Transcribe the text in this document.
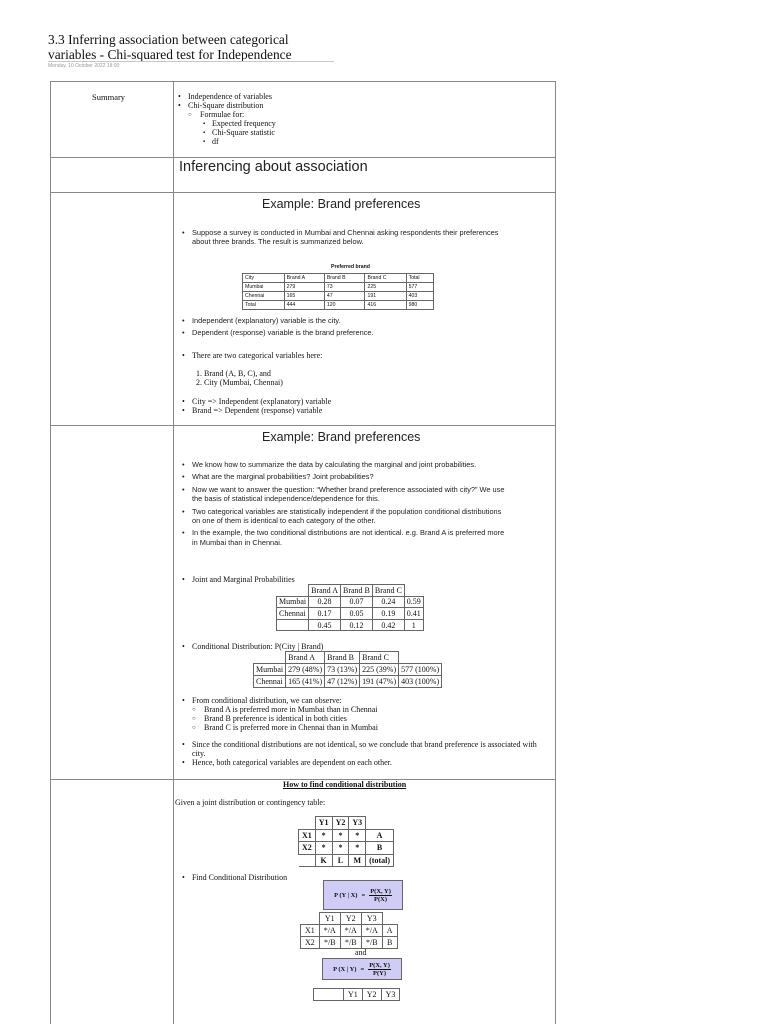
3.3 Inferring association between categorical variables - Chi-squared test for Independence
Monday, 10 October 2022 18:00
Summary	• Independence of variables
• Chi-Square distribution
○ Formulae for:
▪ Expected frequency
▪ Chi-Square statistic
▪ df
Inferencing about association
Example: Brand preferences
• Suppose a survey is conducted in Mumbai and Chennai asking respondents their preferences about three brands. The result is summarized below.
Preferred brand
City	Brand A	Brand B	Brand C	Total
Mumbai	279	73	225	577
Chennai	165	47	191	403
Total	444	120	416	980
• Independent (explanatory) variable is the city.
• Dependent (response) variable is the brand preference.
• There are two categorical variables here:
1. Brand (A, B, C), and
2. City (Mumbai, Chennai)
• City => Independent (explanatory) variable
• Brand => Dependent (response) variable
Example: Brand preferences
• We know how to summarize the data by calculating the marginal and joint probabilities.
• What are the marginal probabilities? Joint probabilities?
• Now we want to answer the question: “Whether brand preference associated with city?” We use the basis of statistical independence/dependence for this.
• Two categorical variables are statistically independent if the population conditional distributions on one of them is identical to each category of the other.
• In the example, the two conditional distributions are not identical. e.g. Brand A is preferred more in Mumbai than in Chennai.
• Joint and Marginal Probabilities
	Brand A	Brand B	Brand C	
Mumbai	0.28	0.07	0.24	0.59
Chennai	0.17	0.05	0.19	0.41
	0.45	0.12	0.42	1
• Conditional Distribution: P(City | Brand)
	Brand A	Brand B	Brand C	
Mumbai	279 (48%)	73 (13%)	225 (39%)	577 (100%)
Chennai	165 (41%)	47 (12%)	191 (47%)	403 (100%)
• From conditional distribution, we can observe:
○ Brand A is preferred more in Mumbai than in Chennai
○ Brand B preference is identical in both cities
○ Brand C is preferred more in Chennai than in Mumbai
• Since the conditional distributions are not identical, so we conclude that brand preference is associated with city.
• Hence, both categorical variables are dependent on each other.
How to find conditional distribution
Given a joint distribution or contingency table:
	Y1	Y2	Y3	
X1	*	*	*	A
X2	*	*	*	B
	K	L	M	(total)
• Find Conditional Distribution
P (Y | $X) = \frac{P(X, Y)}{P(X)}$
	Y1	Y2	Y3	
X1	*/A	*/A	*/A	A
X2	*/B	*/B	*/B	B
and
P (X | $Y) = \frac{P(X, Y)}{P(Y)}$
	Y1	Y2	Y3
